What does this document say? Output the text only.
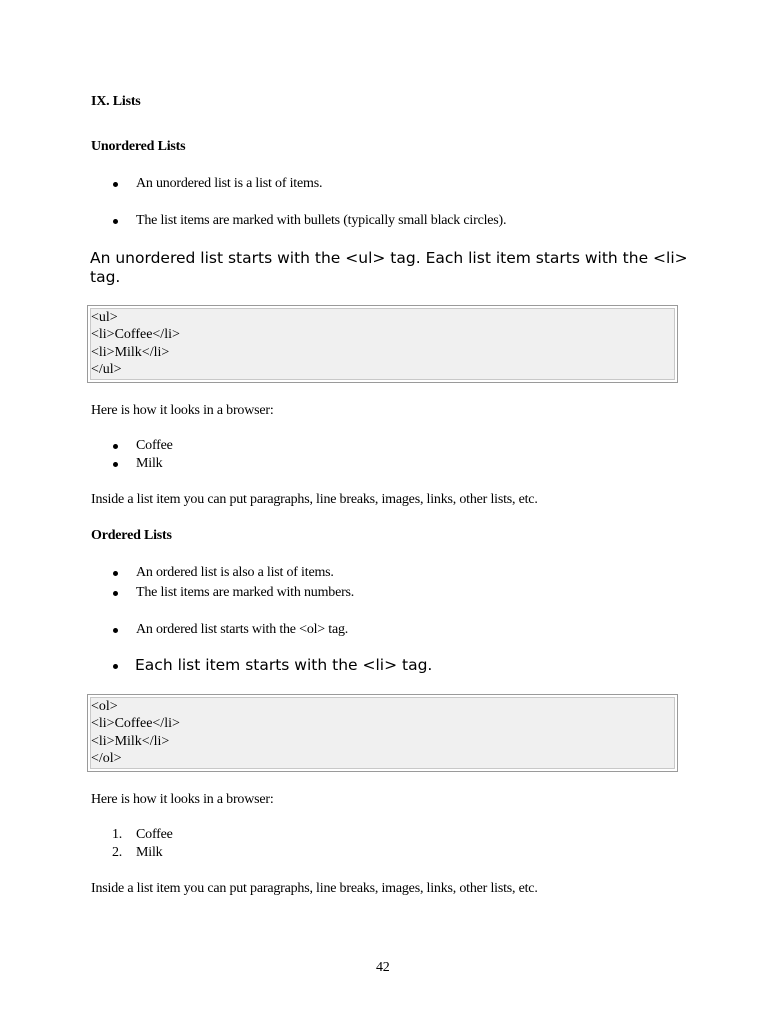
IX. Lists
Unordered Lists
An unordered list is a list of items.
The list items are marked with bullets (typically small black circles).
An unordered list starts with the <ul> tag. Each list item starts with the <li>
tag.
<ul>
<li>Coffee</li>
<li>Milk</li>
</ul>
Here is how it looks in a browser:
Coffee
Milk
Inside a list item you can put paragraphs, line breaks, images, links, other lists, etc.
Ordered Lists
An ordered list is also a list of items.
The list items are marked with numbers.
An ordered list starts with the <ol> tag.
Each list item starts with the <li> tag.
<ol>
<li>Coffee</li>
<li>Milk</li>
</ol>
Here is how it looks in a browser:
1. Coffee
2. Milk
Inside a list item you can put paragraphs, line breaks, images, links, other lists, etc.
42
